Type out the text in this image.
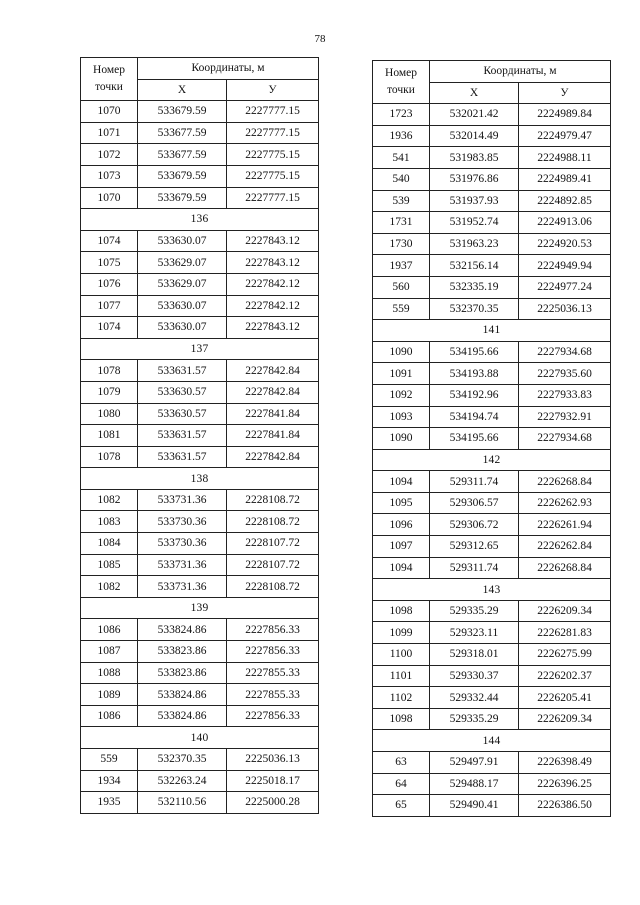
78
Номер
точки	Координаты, м	
	X	У
1070	533679.59	2227777.15
1071	533677.59	2227777.15
1072	533677.59	2227775.15
1073	533679.59	2227775.15
1070	533679.59	2227777.15
136		
1074	533630.07	2227843.12
1075	533629.07	2227843.12
1076	533629.07	2227842.12
1077	533630.07	2227842.12
1074	533630.07	2227843.12
137		
1078	533631.57	2227842.84
1079	533630.57	2227842.84
1080	533630.57	2227841.84
1081	533631.57	2227841.84
1078	533631.57	2227842.84
138		
1082	533731.36	2228108.72
1083	533730.36	2228108.72
1084	533730.36	2228107.72
1085	533731.36	2228107.72
1082	533731.36	2228108.72
139		
1086	533824.86	2227856.33
1087	533823.86	2227856.33
1088	533823.86	2227855.33
1089	533824.86	2227855.33
1086	533824.86	2227856.33
140		
559	532370.35	2225036.13
1934	532263.24	2225018.17
1935	532110.56	2225000.28
Номер
точки	Координаты, м	
	X	У
1723	532021.42	2224989.84
1936	532014.49	2224979.47
541	531983.85	2224988.11
540	531976.86	2224989.41
539	531937.93	2224892.85
1731	531952.74	2224913.06
1730	531963.23	2224920.53
1937	532156.14	2224949.94
560	532335.19	2224977.24
559	532370.35	2225036.13
141		
1090	534195.66	2227934.68
1091	534193.88	2227935.60
1092	534192.96	2227933.83
1093	534194.74	2227932.91
1090	534195.66	2227934.68
142		
1094	529311.74	2226268.84
1095	529306.57	2226262.93
1096	529306.72	2226261.94
1097	529312.65	2226262.84
1094	529311.74	2226268.84
143		
1098	529335.29	2226209.34
1099	529323.11	2226281.83
1100	529318.01	2226275.99
1101	529330.37	2226202.37
1102	529332.44	2226205.41
1098	529335.29	2226209.34
144		
63	529497.91	2226398.49
64	529488.17	2226396.25
65	529490.41	2226386.50
